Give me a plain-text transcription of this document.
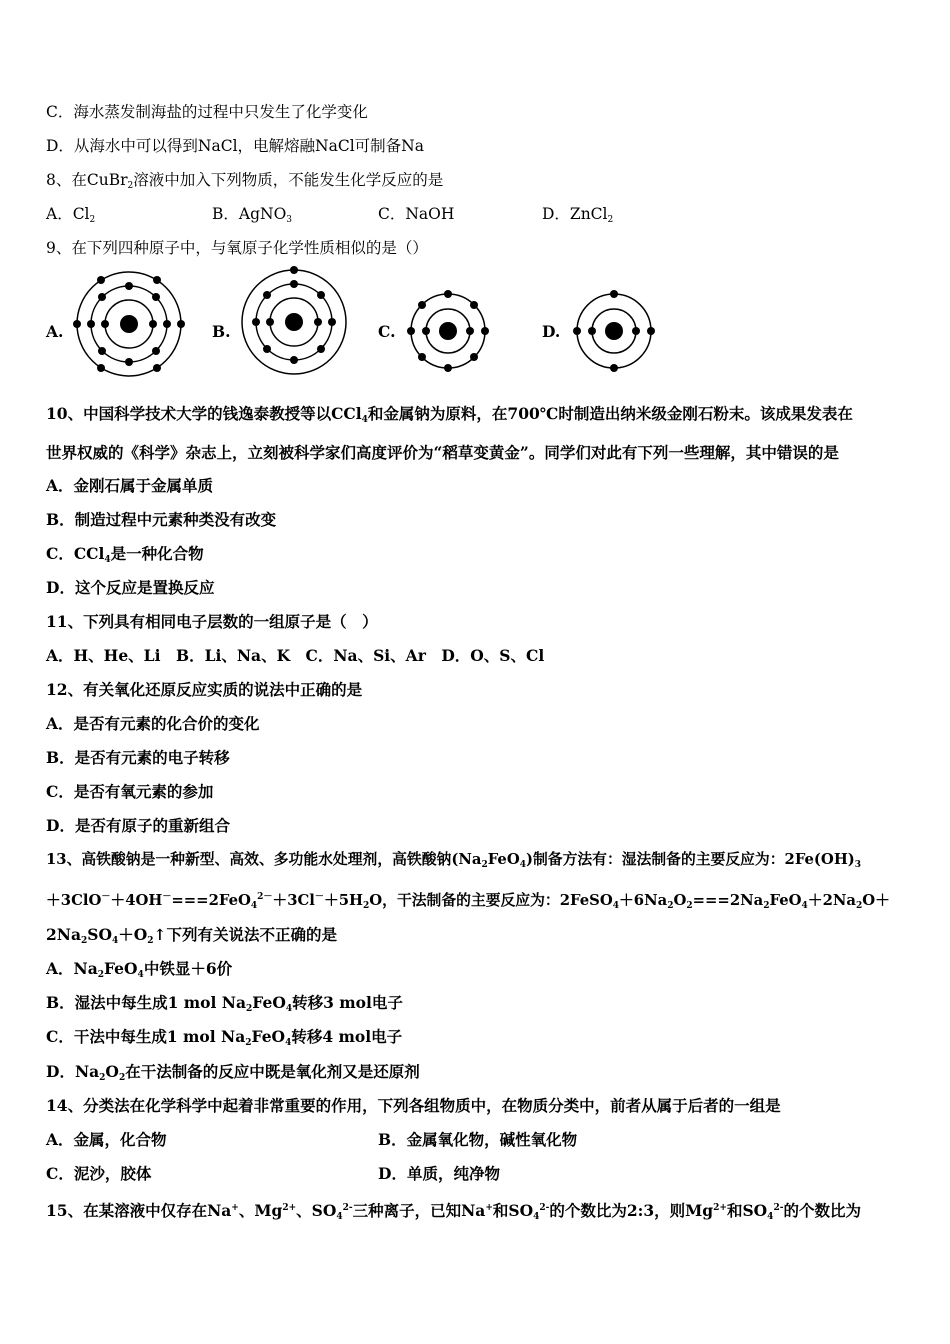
C．海水蒸发制海盐的过程中只发生了化学变化
D．从海水中可以得到NaCl，电解熔融NaCl可制备Na
8、在CuBr$_2$溶液中加入下列物质，不能发生化学反应的是
A．$Cl_2$	B．AgNO$_3$	C．NaOH	D．ZnCl$_2$
9、在下列四种原子中，与氧原子化学性质相似的是（）
A.	B.	C.	D.
10、中国科学技术大学的钱逸泰教授等以CCl$_4$和金属钠为原料，在700℃时制造出纳米级金刚石粉末。该成果发表在
世界权威的《科学》杂志上，立刻被科学家们高度评价为“稻草变黄金”。同学们对此有下列一些理解，其中错误的是
A．金刚石属于金属单质
B．制造过程中元素种类没有改变
C．CCl$_4$是一种化合物
D．这个反应是置换反应
11、下列具有相同电子层数的一组原子是（　）
A．H、He、Li　B．Li、Na、K　C．Na、Si、Ar　D．O、S、Cl
12、有关氧化还原反应实质的说法中正确的是
A．是否有元素的化合价的变化
B．是否有元素的电子转移
C．是否有氧元素的参加
D．是否有原子的重新组合
13、高铁酸钠是一种新型、高效、多功能水处理剂，高铁酸钠$(Na_2FeO_4)$制备方法有：湿法制备的主要反应为：$2Fe(OH)_3$
$+3ClO^-+4OH^-===2FeO_4^{2-}+3Cl^-+5H_2O$，干法制备的主要反应为：$2FeSO_4+6Na_2O_2===2Na_2FeO_4+2Na_2O+$
$2Na_2SO_4+O_2↑$下列有关说法不正确的是
A．$Na_2FeO_4$中铁显＋6价
B．湿法中每生成1 mol $Na_2FeO_4$转移3 mol电子
C．干法中每生成1 mol $Na_2FeO_4$转移4 mol电子
D．$Na_2O_2$在干法制备的反应中既是氧化剂又是还原剂
14、分类法在化学科学中起着非常重要的作用，下列各组物质中，在物质分类中，前者从属于后者的一组是
A．金属，化合物	B．金属氧化物，碱性氧化物
C．泥沙，胶体	D．单质，纯净物
15、在某溶液中仅存在Na+、$Mg^{2+}$、$SO_4^{2-}$三种离子，已知Na+和$SO_4^{2-}$的个数比为2:3，则$Mg^{2+}$和$SO_4^{2-}$的个数比为
